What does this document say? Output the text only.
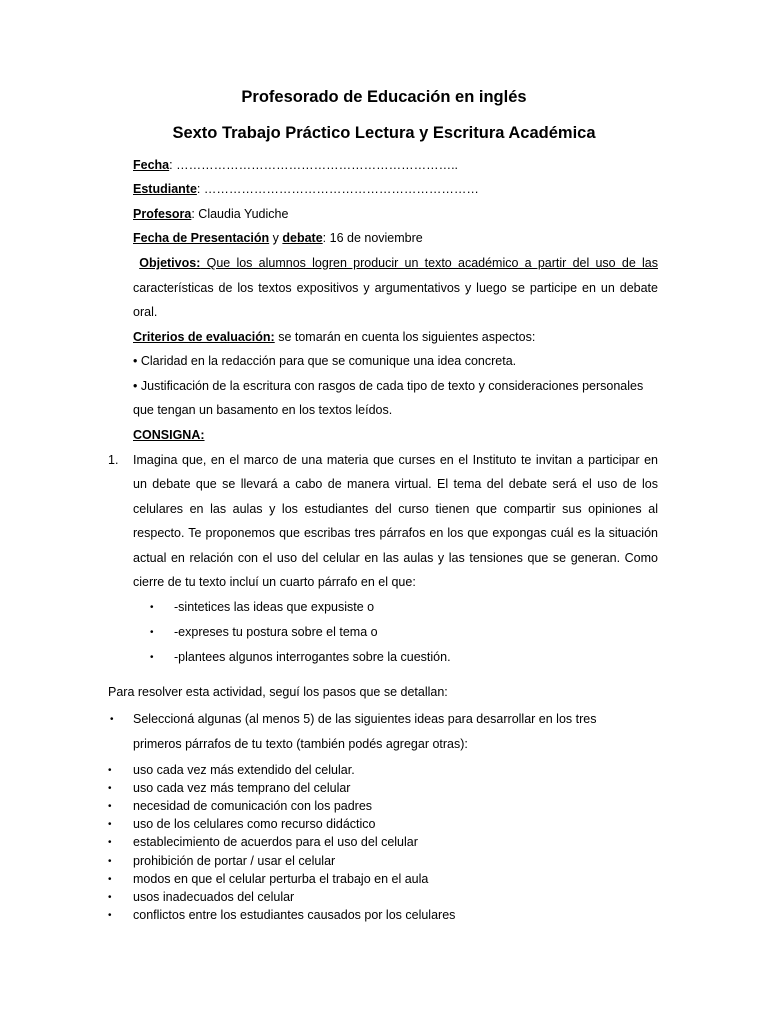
Profesorado de Educación en inglés
Sexto Trabajo Práctico Lectura y Escritura Académica

Fecha: …………………………………………………………..

Estudiante: …………………………………………………………

Profesora: Claudia Yudiche

Fecha de Presentación y debate: 16 de noviembre

Objetivos: Que los alumnos logren producir un texto académico a partir del uso de las

características de los textos expositivos y argumentativos y luego se participe en un debate

oral.

Criterios de evaluación: se tomarán en cuenta los siguientes aspectos:

• Claridad en la redacción para que se comunique una idea concreta.

• Justificación de la escritura con rasgos de cada tipo de texto y consideraciones personales

que tengan un basamento en los textos leídos.

CONSIGNA:

1. Imagina que, en el marco de una materia que curses en el Instituto te invitan a participar en

un debate que se llevará a cabo de manera virtual. El tema del debate será el uso de los

celulares en las aulas y los estudiantes del curso tienen que compartir sus opiniones al

respecto. Te proponemos que escribas tres párrafos en los que expongas cuál es la situación

actual en relación con el uso del celular en las aulas y las tensiones que se generan. Como

cierre de tu texto incluí un cuarto párrafo en el que:

• -sintetices las ideas que expusiste o

• -expreses tu postura sobre el tema o

• -plantees algunos interrogantes sobre la cuestión.

Para resolver esta actividad, seguí los pasos que se detallan:

• Seleccioná algunas (al menos 5) de las siguientes ideas para desarrollar en los tres

primeros párrafos de tu texto (también podés agregar otras):

• uso cada vez más extendido del celular.

• uso cada vez más temprano del celular

• necesidad de comunicación con los padres

• uso de los celulares como recurso didáctico

• establecimiento de acuerdos para el uso del celular

• prohibición de portar / usar el celular

• modos en que el celular perturba el trabajo en el aula

• usos inadecuados del celular

• conflictos entre los estudiantes causados por los celulares
